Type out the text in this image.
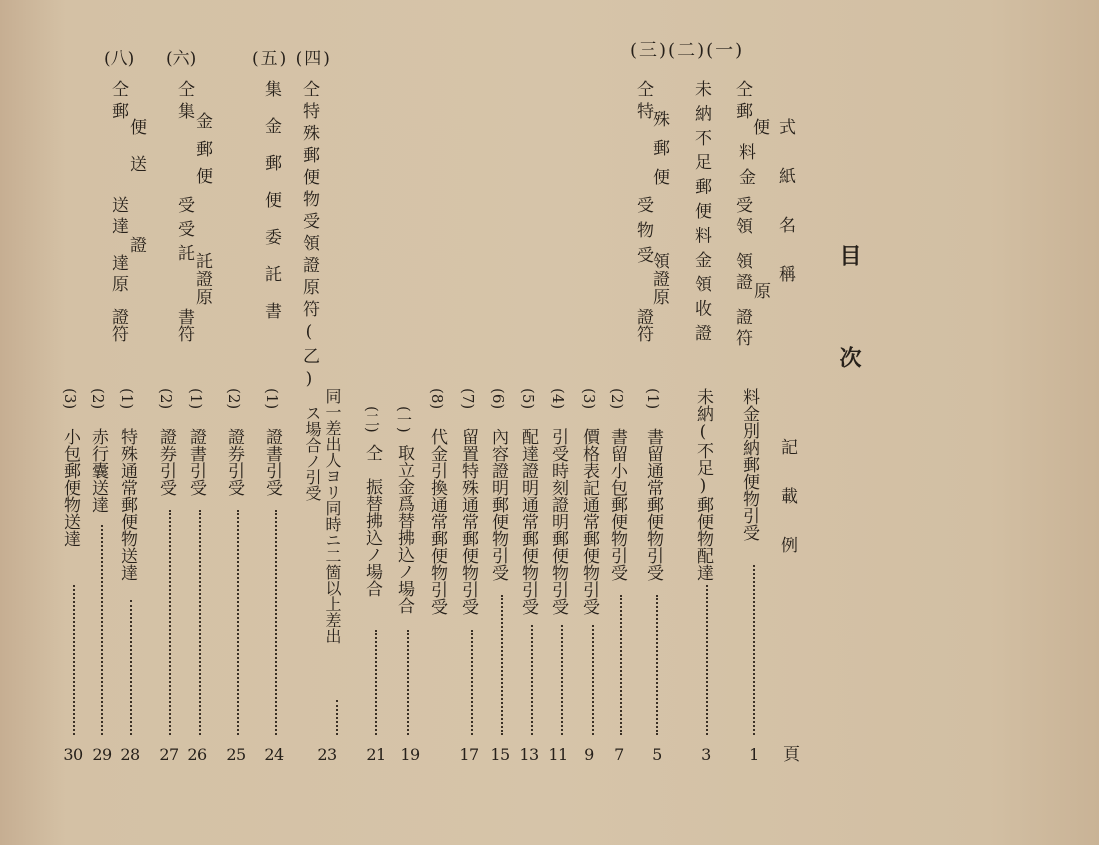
目
次
式紙名稱
記載例
頁
(三)(二)(一)
(五) (四)
(六)
(八)
仝郵
便
料
金
受領
領證
原
證符
未納不足郵便料金領收證
仝特
殊郵便
受物受
領證原
證符
仝特殊郵便物受領證原符(乙)
集金郵便委託書
仝集
金
郵便
受受託
託證原
書符
仝郵
便
送
送達
證
達原
證符
料金別納郵便物引受
1
未納(不足)郵便物配達
3
(1)
書留通常郵便物引受
5
(2)
書留小包郵便物引受
7
(3)
價格表記通常郵便物引受
9
(4)
引受時刻證明郵便物引受
11
(5)
配達證明通常郵便物引受
13
(6)
內容證明郵便物引受
15
(7)
留置特殊通常郵便物引受
17
(8)
代金引換通常郵便物引受
(一)
取立金爲替拂込ノ場合
19
(二)
仝　振替拂込ノ場合
21
同一差出人ヨリ同時ニ二箇以上差出
ス場合ノ引受
23
(1)
證書引受
24
(2)
證券引受
25
(1)
證書引受
26
(2)
證券引受
27
(1)
特殊通常郵便物送達
28
(2)
赤行囊送達
29
(3)
小包郵便物送達
30
